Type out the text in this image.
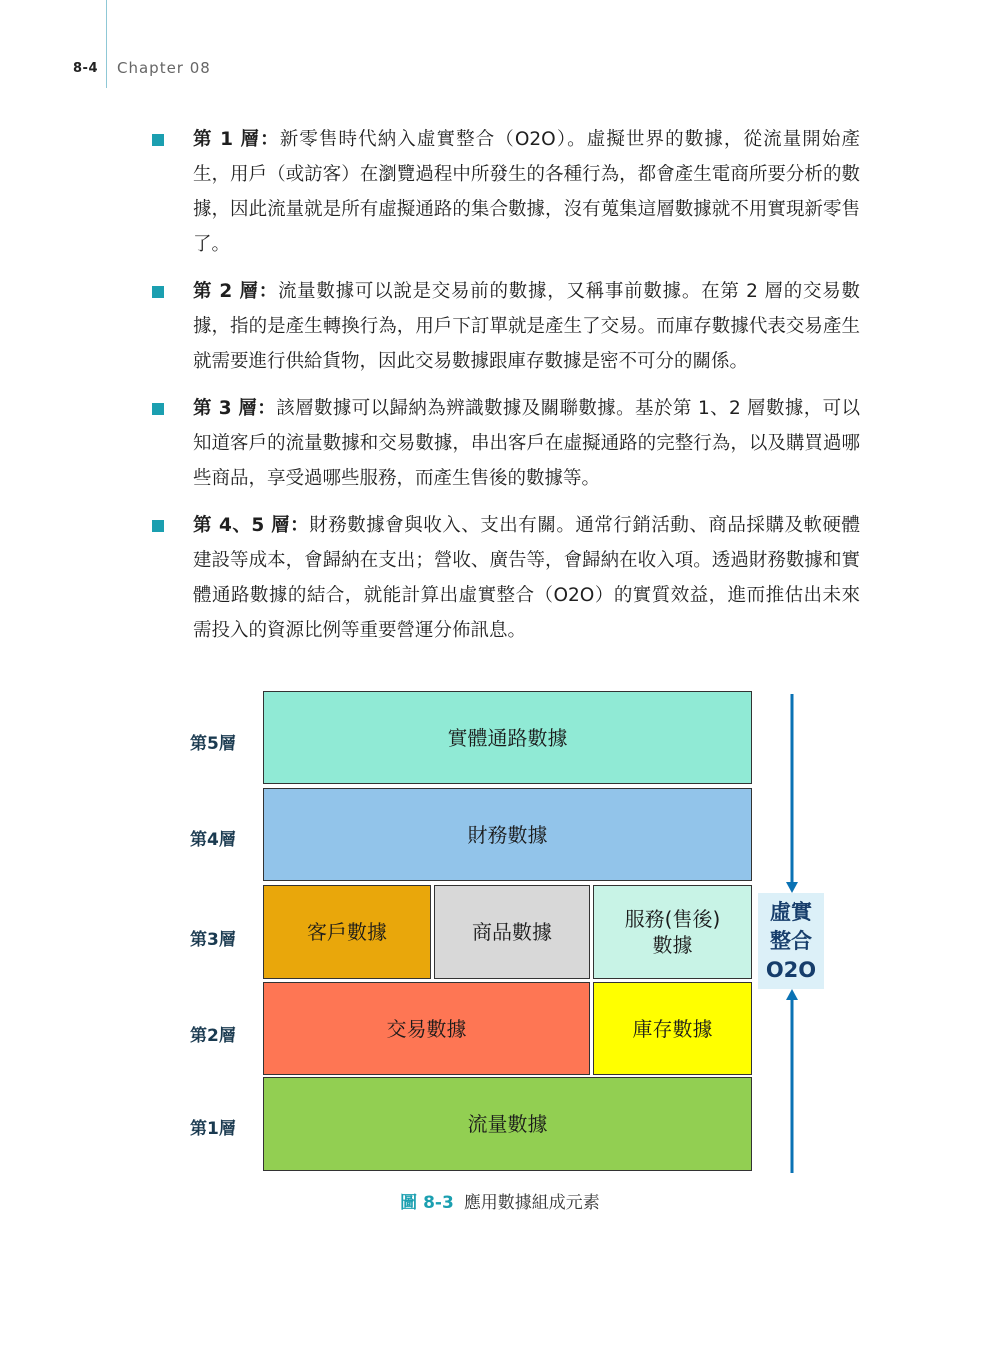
8-4 Chapter 08

第 1 層：新零售時代納入虛實整合（O2O）。虛擬世界的數據，從流量開始產生，用戶（或訪客）在瀏覽過程中所發生的各種行為，都會產生電商所要分析的數據，因此流量就是所有虛擬通路的集合數據，沒有蒐集這層數據就不用實現新零售了。

第 2 層：流量數據可以說是交易前的數據，又稱事前數據。在第 2 層的交易數據，指的是產生轉換行為，用戶下訂單就是產生了交易。而庫存數據代表交易產生就需要進行供給貨物，因此交易數據跟庫存數據是密不可分的關係。

第 3 層：該層數據可以歸納為辨識數據及關聯數據。基於第 1、2 層數據，可以知道客戶的流量數據和交易數據，串出客戶在虛擬通路的完整行為，以及購買過哪些商品，享受過哪些服務，而產生售後的數據等。

第 4、5 層：財務數據會與收入、支出有關。通常行銷活動、商品採購及軟硬體建設等成本，會歸納在支出；營收、廣告等，會歸納在收入項。透過財務數據和實體通路數據的結合，就能計算出虛實整合（O2O）的實質效益，進而推估出未來需投入的資源比例等重要營運分佈訊息。

第5層
第4層
第3層
第2層
第1層
實體通路數據
財務數據
客戶數據	商品數據
服務(售後)
數據
交易數據	庫存數據
流量數據
虛實
整合
O2O
圖 8-3 應用數據組成元素
